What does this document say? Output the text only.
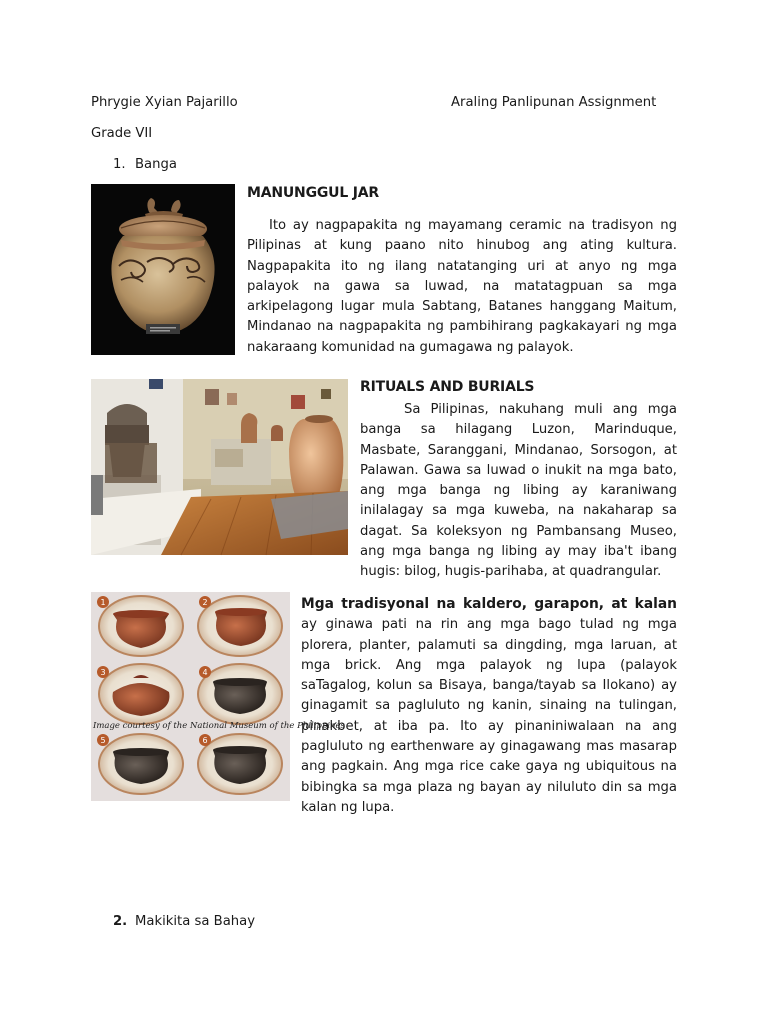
Phrygie Xyian Pajarillo	Araling Panlipunan Assignment
Grade VII
1. Banga
MANUNGGUL JAR

Ito ay nagpapakita ng mayamang ceramic na tradisyon ng Pilipinas at kung paano nito hinubog ang ating kultura. Nagpapakita ito ng ilang natatanging uri at anyo ng mga palayok na gawa sa luwad, na matatagpuan sa mga arkipelagong lugar mula Sabtang, Batanes hanggang Maitum, Mindanao na nagpapakita ng pambihirang pagkakayari ng mga nakaraang komunidad na gumagawa ng palayok.

RITUALS AND BURIALS

Sa Pilipinas, nakuhang muli ang mga banga sa hilagang Luzon, Marinduque, Masbate, Saranggani, Mindanao, Sorsogon, at Palawan. Gawa sa luwad o inukit na mga bato, ang mga banga ng libing ay karaniwang inilalagay sa mga kuweba, na nakaharap sa dagat. Sa koleksyon ng Pambansang Museo, ang mga banga ng libing ay may iba't ibang hugis: bilog, hugis-parihaba, at quadrangular.

1	2
3	4
5	6
Image courtesy of the National Museum of the Philippines

Mga tradisyonal na kaldero, garapon, at kalan ay ginawa pati na rin ang mga bago tulad ng mga plorera, planter, palamuti sa dingding, mga laruan, at mga brick. Ang mga palayok ng lupa (palayok saTagalog, kolun sa Bisaya, banga/tayab sa Ilokano) ay ginagamit sa pagluluto ng kanin, sinaing na tulingan, pinakbet, at iba pa. Ito ay pinaniniwalaan na ang pagluluto ng earthenware ay ginagawang mas masarap ang pagkain. Ang mga rice cake gaya ng ubiquitous na bibingka sa mga plaza ng bayan ay niluluto din sa mga kalan ng lupa.

2. Makikita sa Bahay
